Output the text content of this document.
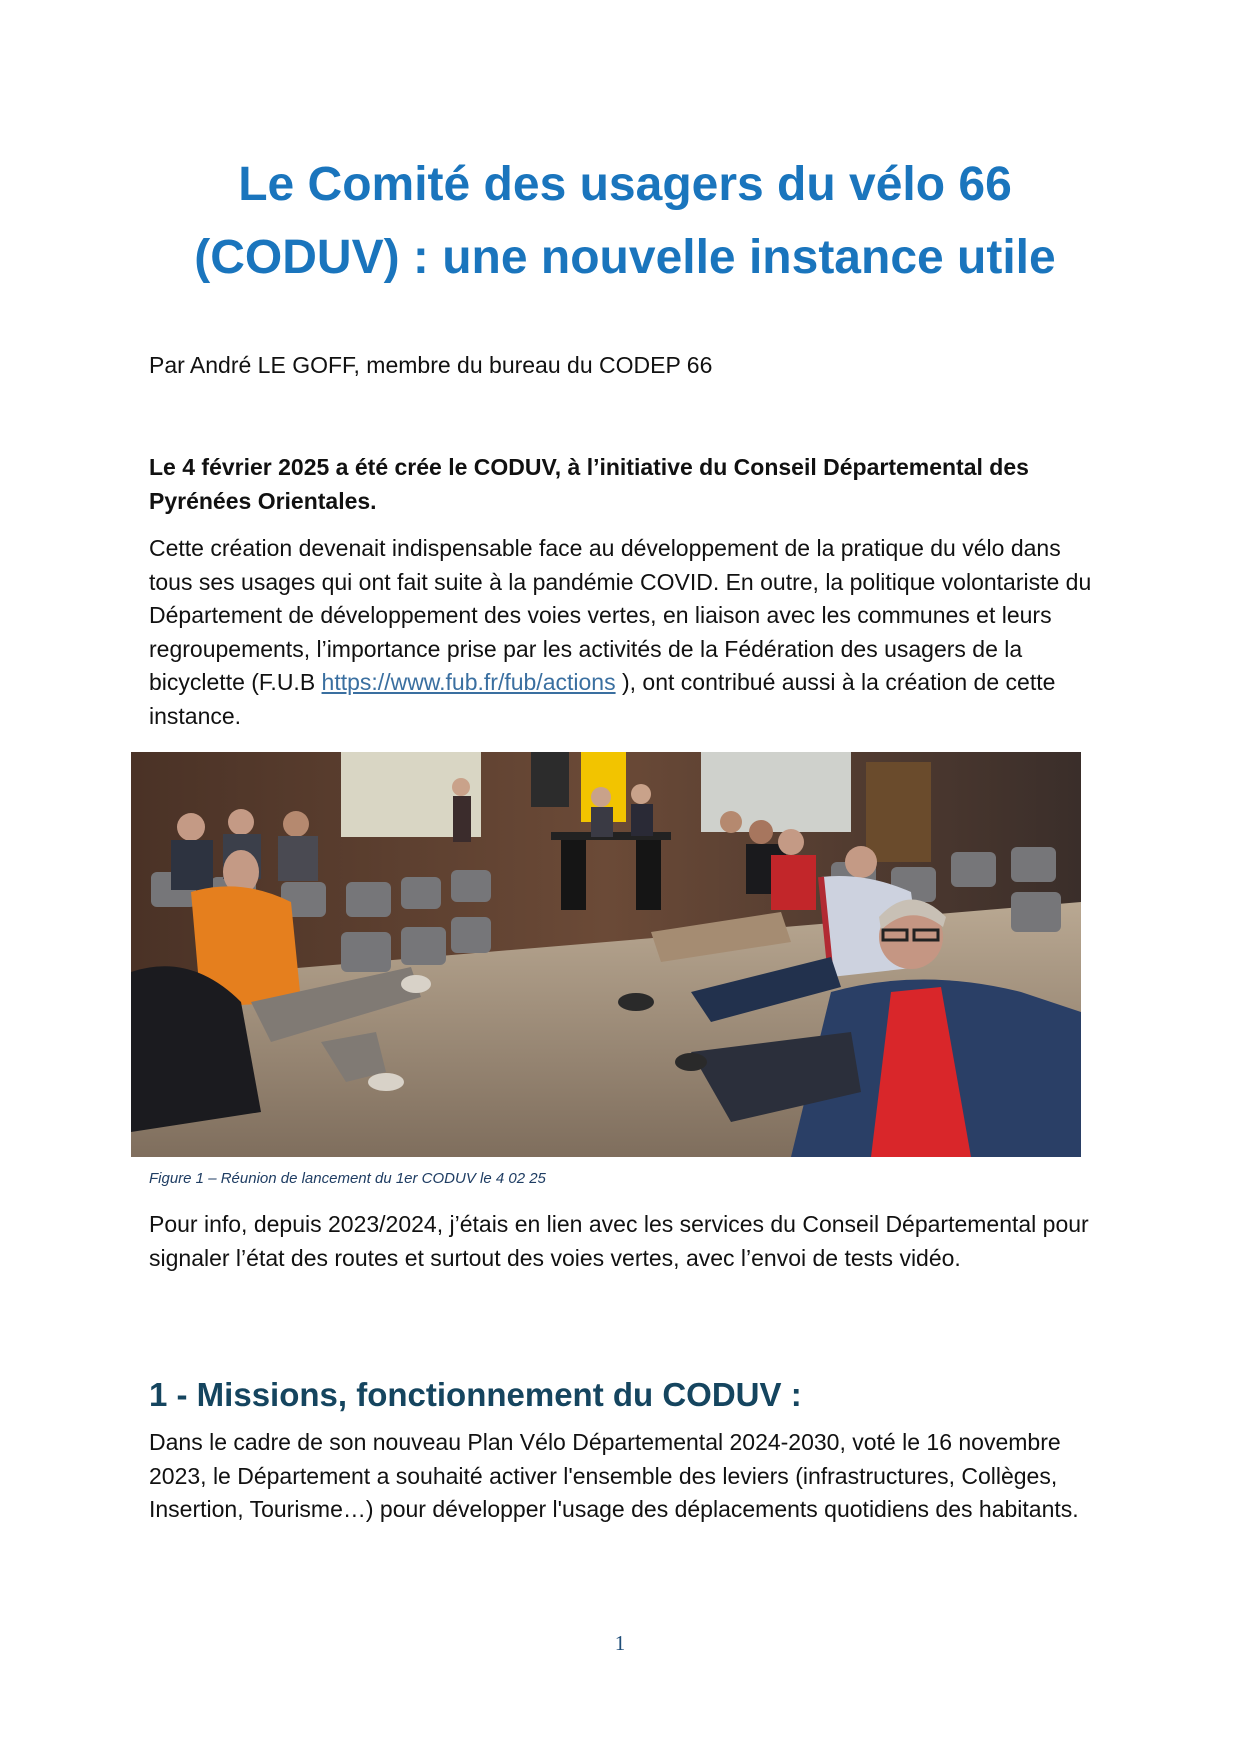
Le Comité des usagers du vélo 66
(CODUV) : une nouvelle instance utile

Par André LE GOFF, membre du bureau du CODEP 66

Le 4 février 2025 a été crée le CODUV, à l’initiative du Conseil Départemental des Pyrénées Orientales.

Cette création devenait indispensable face au développement de la pratique du vélo dans tous ses usages qui ont fait suite à la pandémie COVID. En outre, la politique volontariste du Département de développement des voies vertes, en liaison avec les communes et leurs regroupements, l’importance prise par les activités de la Fédération des usagers de la bicyclette (F.U.B https://www.fub.fr/fub/actions ), ont contribué aussi à la création de cette instance.

Figure 1 – Réunion de lancement du 1er CODUV le 4 02 25

Pour info, depuis 2023/2024, j’étais en lien avec les services du Conseil Départemental pour signaler l’état des routes et surtout des voies vertes, avec l’envoi de tests vidéo.

1 - Missions, fonctionnement du CODUV :

Dans le cadre de son nouveau Plan Vélo Départemental 2024-2030, voté le 16 novembre 2023, le Département a souhaité activer l'ensemble des leviers (infrastructures, Collèges, Insertion, Tourisme…) pour développer l'usage des déplacements quotidiens des habitants.

1
